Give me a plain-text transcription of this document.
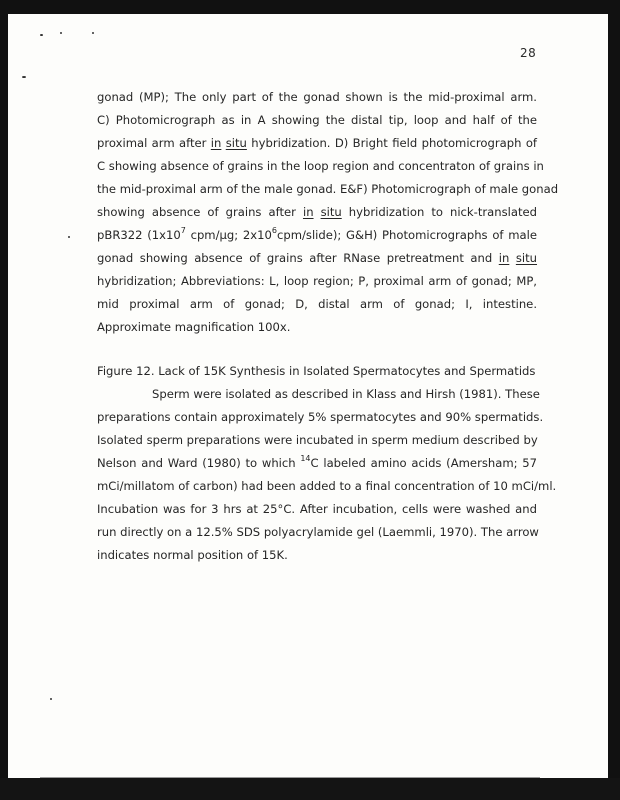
28
gonad (MP); The only part of the gonad shown is the mid-proximal arm.
C) Photomicrograph as in A showing the distal tip, loop and half of the
proximal arm after in situ hybridization. D) Bright field photomicrograph of
C showing absence of grains in the loop region and concentraton of grains in
the mid-proximal arm of the male gonad. E&F) Photomicrograph of male gonad
showing absence of grains after in situ hybridization to nick-translated
pBR322 ($1x10^7$ cpm/µg; $2x10^6cpm/slide$); G&H) Photomicrographs of male
gonad showing absence of grains after RNase pretreatment and in situ
hybridization; Abbreviations: L, loop region; P, proximal arm of gonad; MP,
mid proximal arm of gonad; D, distal arm of gonad; I, intestine.
Approximate magnification 100x.
Figure 12. Lack of 15K Synthesis in Isolated Spermatocytes and Spermatids
Sperm were isolated as described in Klass and Hirsh (1981). These
preparations contain approximately 5% spermatocytes and 90% spermatids.
Isolated sperm preparations were incubated in sperm medium described by
Nelson and Ward (1980) to which $^{14}$C labeled amino acids (Amersham; 57
mCi/millatom of carbon) had been added to a final concentration of 10 mCi/ml.
Incubation was for 3 hrs at 25°C. After incubation, cells were washed and
run directly on a 12.5% SDS polyacrylamide gel (Laemmli, 1970). The arrow
indicates normal position of 15K.
